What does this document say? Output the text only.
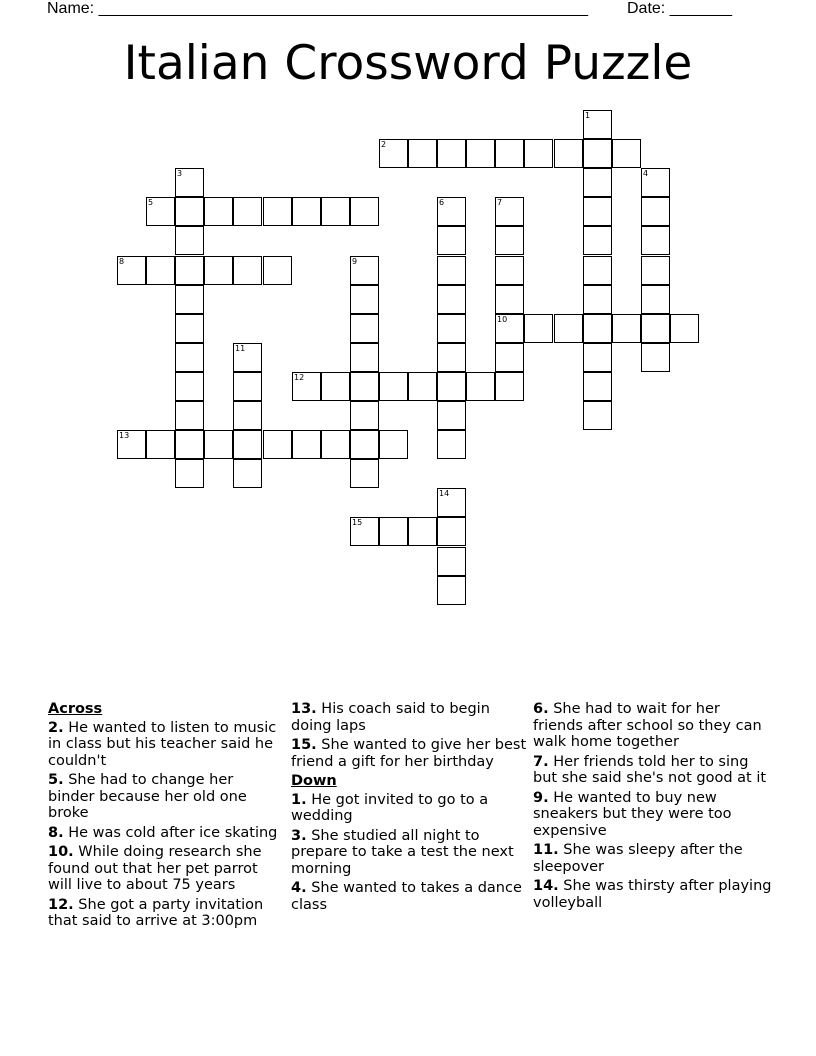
Name: _______________________________________________________ Date: _______
Italian Crossword Puzzle
1
2
3	4
5	6	7
10
8	9
11
12
13
14
15
Across
2. He wanted to listen to music in class but his teacher said he couldn't
5. She had to change her binder because her old one broke
8. He was cold after ice skating
10. While doing research she found out that her pet parrot will live to about 75 years
12. She got a party invitation that said to arrive at 3:00pm
13. His coach said to begin doing laps
15. She wanted to give her best friend a gift for her birthday
Down
1. He got invited to go to a wedding
3. She studied all night to prepare to take a test the next morning
4. She wanted to takes a dance class
6. She had to wait for her friends after school so they can walk home together
7. Her friends told her to sing but she said she's not good at it
9. He wanted to buy new sneakers but they were too expensive
11. She was sleepy after the sleepover
14. She was thirsty after playing volleyball
